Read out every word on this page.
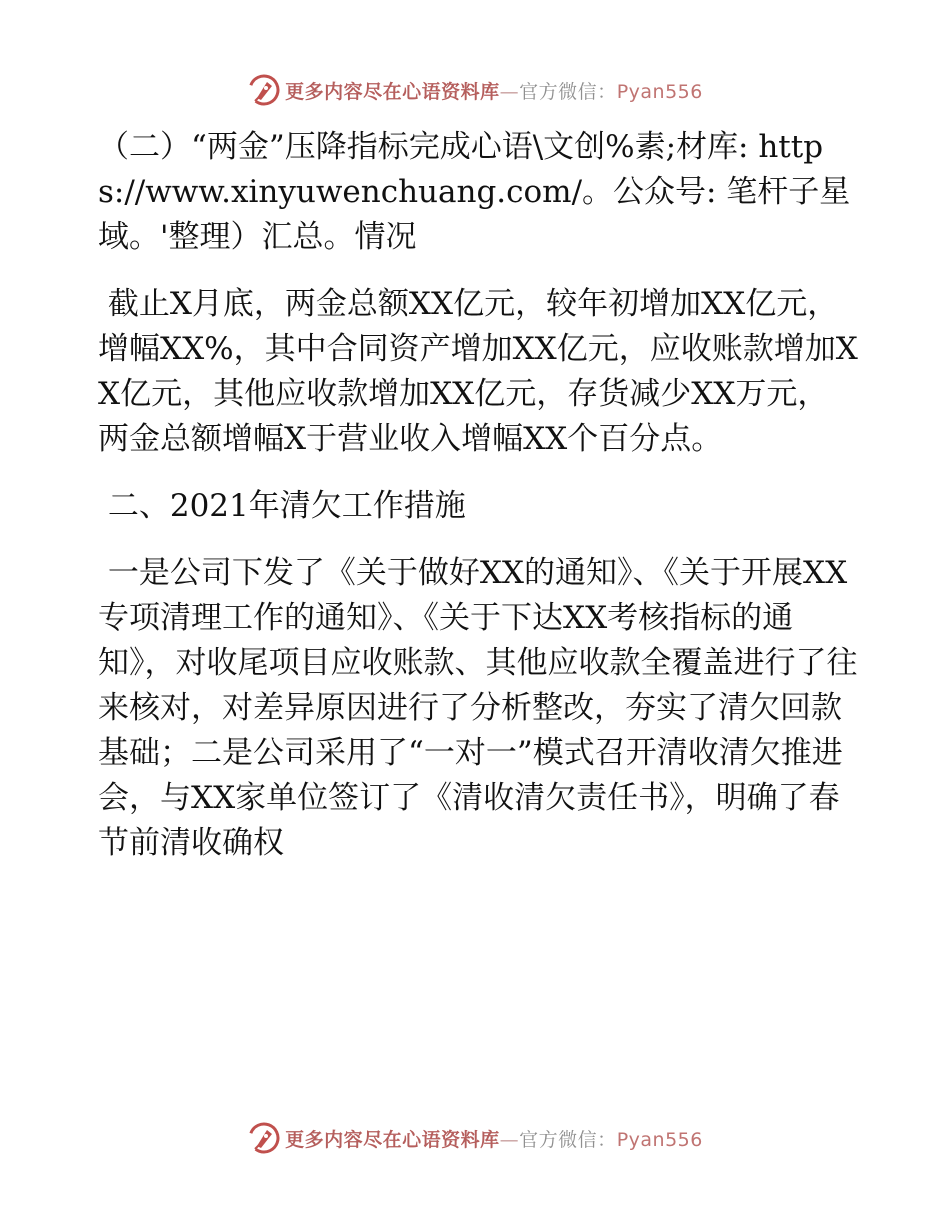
更多内容尽在心语资料库—官方微信：Pyan556

（二）“两金”压降指标完成心语\文创%素;材库: https://www.xinyuwenchuang.com/。公众号: 笔杆子星域。'整理）汇总。情况

截止X月底，两金总额XX亿元，较年初增加XX亿元，增幅XX%，其中合同资产增加XX亿元，应收账款增加XX亿元，其他应收款增加XX亿元，存货减少XX万元，两金总额增幅X于营业收入增幅XX个百分点。

二、2021年清欠工作措施

一是公司下发了《关于做好XX的通知》、《关于开展XX专项清理工作的通知》、《关于下达XX考核指标的通知》，对收尾项目应收账款、其他应收款全覆盖进行了往来核对，对差异原因进行了分析整改，夯实了清欠回款基础；二是公司采用了“一对一”模式召开清收清欠推进会，与XX家单位签订了《清收清欠责任书》，明确了春节前清收确权

更多内容尽在心语资料库—官方微信：Pyan556
